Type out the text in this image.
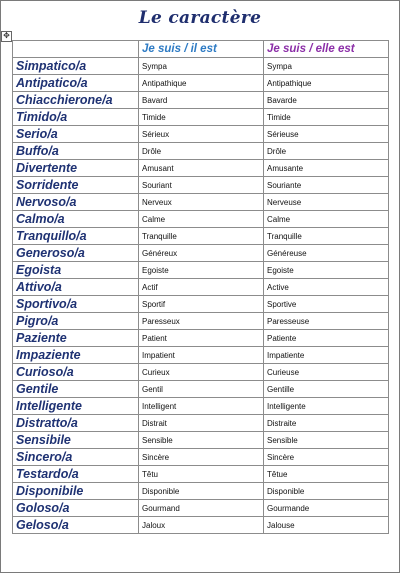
Le caractère
✥
	Je suis / il est	Je suis / elle est
Simpatico/a	Sympa	Sympa
Antipatico/a	Antipathique	Antipathique
Chiacchierone/a	Bavard	Bavarde
Timido/a	Timide	Timide
Serio/a	Sérieux	Sérieuse
Buffo/a	Drôle	Drôle
Divertente	Amusant	Amusante
Sorridente	Souriant	Souriante
Nervoso/a	Nerveux	Nerveuse
Calmo/a	Calme	Calme
Tranquillo/a	Tranquille	Tranquille
Generoso/a	Généreux	Généreuse
Egoista	Egoiste	Egoiste
Attivo/a	Actif	Active
Sportivo/a	Sportif	Sportive
Pigro/a	Paresseux	Paresseuse
Paziente	Patient	Patiente
Impaziente	Impatient	Impatiente
Curioso/a	Curieux	Curieuse
Gentile	Gentil	Gentille
Intelligente	Intelligent	Intelligente
Distratto/a	Distrait	Distraite
Sensibile	Sensible	Sensible
Sincero/a	Sincère	Sincère
Testardo/a	Têtu	Têtue
Disponibile	Disponible	Disponible
Goloso/a	Gourmand	Gourmande
Geloso/a	Jaloux	Jalouse
